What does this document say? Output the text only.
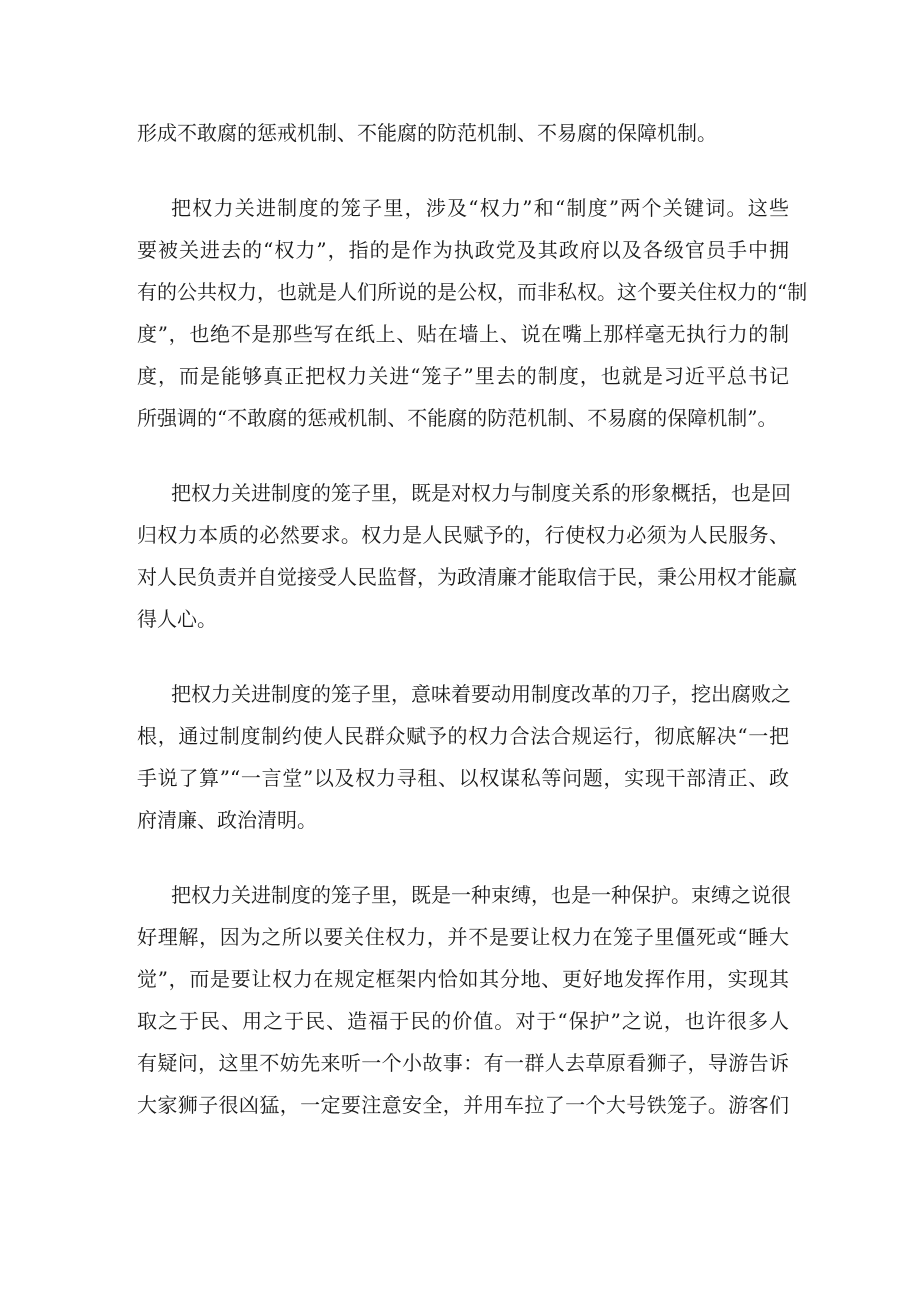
形成不敢腐的惩戒机制、不能腐的防范机制、不易腐的保障机制。
把权力关进制度的笼子里，涉及“权力”和“制度”两个关键词。这些
要被关进去的“权力”，指的是作为执政党及其政府以及各级官员手中拥
有的公共权力，也就是人们所说的是公权，而非私权。这个要关住权力的“制
度”，也绝不是那些写在纸上、贴在墙上、说在嘴上那样毫无执行力的制
度，而是能够真正把权力关进“笼子”里去的制度，也就是习近平总书记
所强调的“不敢腐的惩戒机制、不能腐的防范机制、不易腐的保障机制”。
把权力关进制度的笼子里，既是对权力与制度关系的形象概括，也是回
归权力本质的必然要求。权力是人民赋予的，行使权力必须为人民服务、
对人民负责并自觉接受人民监督，为政清廉才能取信于民，秉公用权才能赢
得人心。
把权力关进制度的笼子里，意味着要动用制度改革的刀子，挖出腐败之
根，通过制度制约使人民群众赋予的权力合法合规运行，彻底解决“一把
手说了算”“一言堂”以及权力寻租、以权谋私等问题，实现干部清正、政
府清廉、政治清明。
把权力关进制度的笼子里，既是一种束缚，也是一种保护。束缚之说很
好理解，因为之所以要关住权力，并不是要让权力在笼子里僵死或“睡大
觉”，而是要让权力在规定框架内恰如其分地、更好地发挥作用，实现其
取之于民、用之于民、造福于民的价值。对于“保护”之说，也许很多人
有疑问，这里不妨先来听一个小故事：有一群人去草原看狮子，导游告诉
大家狮子很凶猛，一定要注意安全，并用车拉了一个大号铁笼子。游客们
